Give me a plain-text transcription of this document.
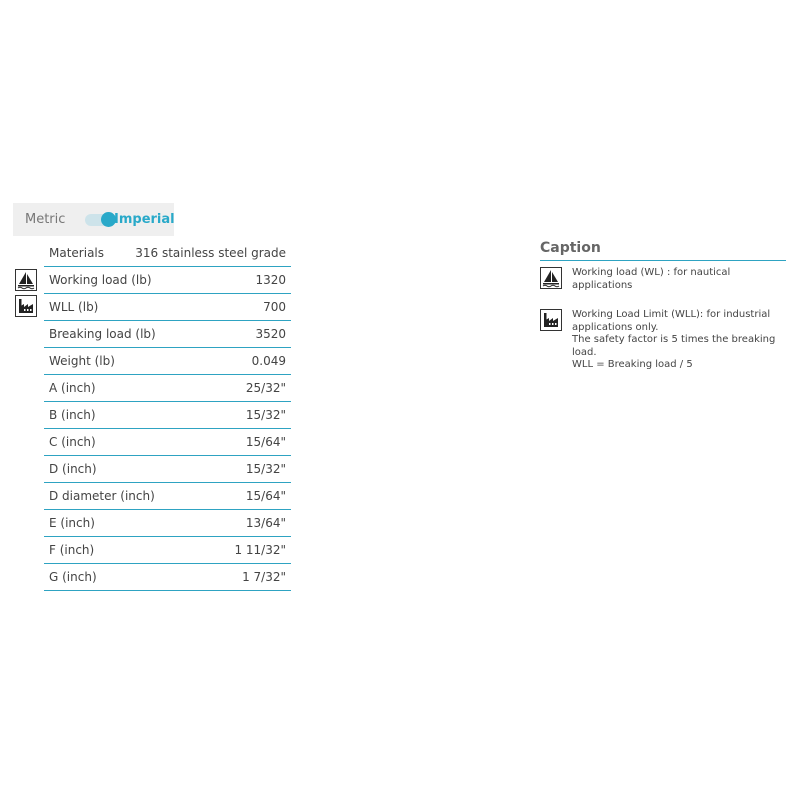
Metric	Imperial
Materials	316 stainless steel grade
Working load (lb)	1320
WLL (lb)	700
Breaking load (lb)	3520
Weight (lb)	0.049
A (inch)	25/32"
B (inch)	15/32"
C (inch)	15/64"
D (inch)	15/32"
D diameter (inch)	15/64"
E (inch)	13/64"
F (inch)	1 11/32"
G (inch)	1 7/32"
Caption
Working load (WL) : for nautical
applications
Working Load Limit (WLL): for industrial
applications only.
The safety factor is 5 times the breaking
load.
WLL = Breaking load / 5
